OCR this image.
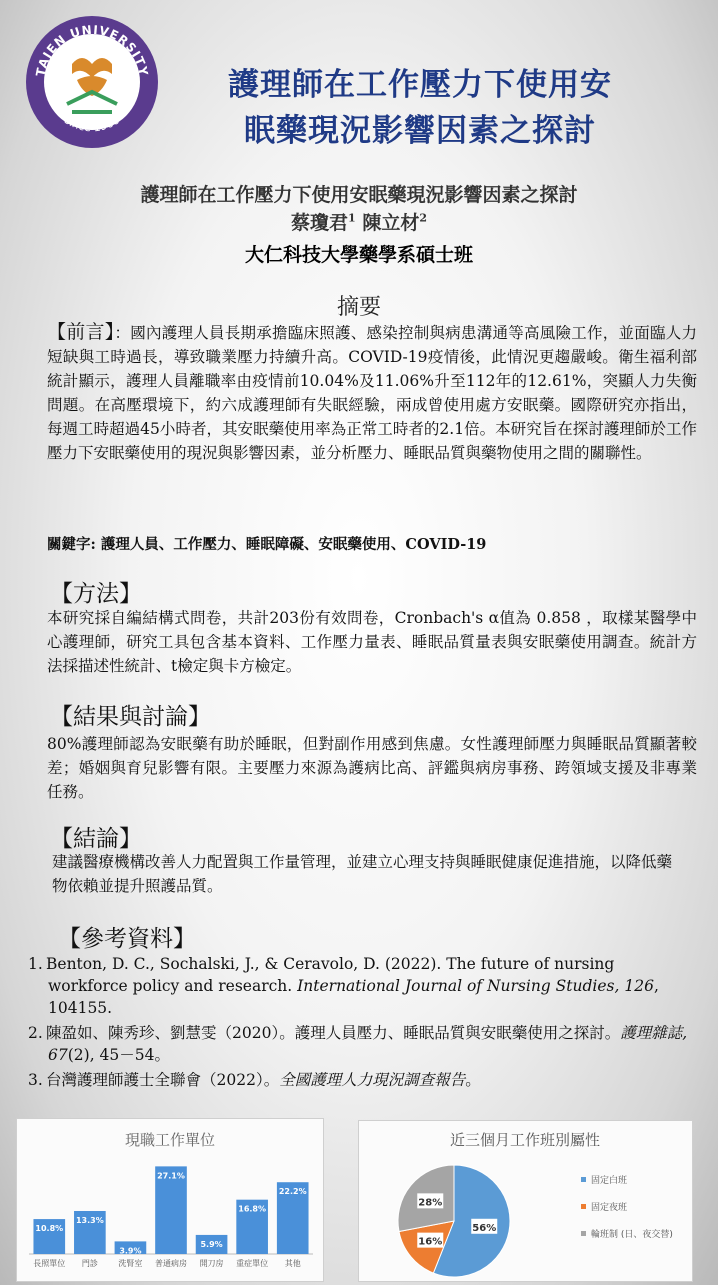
TAJEN UNIVERSITY
since 1966
護理師在工作壓力下使用安
眠藥現況影響因素之探討
護理師在工作壓力下使用安眠藥現況影響因素之探討
蔡瓊君$^1$ 陳立材$^2$
大仁科技大學藥學系碩士班
摘要
【前言】：國內護理人員長期承擔臨床照護、感染控制與病患溝通等高風險工作，並面臨人力短缺與工時過長，導致職業壓力持續升高。COVID-19疫情後，此情況更趨嚴峻。衛生福利部統計顯示，護理人員離職率由疫情前10.04%及11.06%升至112年的12.61%，突顯人力失衡問題。在高壓環境下，約六成護理師有失眠經驗，兩成曾使用處方安眠藥。國際研究亦指出，每週工時超過45小時者，其安眠藥使用率為正常工時者的2.1倍。本研究旨在探討護理師於工作壓力下安眠藥使用的現況與影響因素，並分析壓力、睡眠品質與藥物使用之間的關聯性。
關鍵字: 護理人員、工作壓力、睡眠障礙、安眠藥使用、COVID-19
【方法】
本研究採自編結構式問卷，共計203份有效問卷，Cronbach's α值為 0.858 ，取樣某醫學中心護理師，研究工具包含基本資料、工作壓力量表、睡眠品質量表與安眠藥使用調查。統計方法採描述性統計、t檢定與卡方檢定。
【結果與討論】
80%護理師認為安眠藥有助於睡眠，但對副作用感到焦慮。女性護理師壓力與睡眠品質顯著較差；婚姻與育兒影響有限。主要壓力來源為護病比高、評鑑與病房事務、跨領域支援及非專業任務。
【結論】
建議醫療機構改善人力配置與工作量管理，並建立心理支持與睡眠健康促進措施，以降低藥物依賴並提升照護品質。
【參考資料】
1. Benton, D. C., Sochalski, J., & Ceravolo, D. (2022). The future of nursing workforce policy and research. International Journal of Nursing Studies, 126, 104155.
2. 陳盈如、陳秀珍、劉慧雯（2020）。護理人員壓力、睡眠品質與安眠藥使用之探討。護理雜誌, 67(2), 45－54。
3. 台灣護理師護士全聯會（2022）。全國護理人力現況調查報告。
現職工作單位
10.8%
長照單位
13.3%
門診
3.9%
洗腎室
27.1%
普通病房
5.9%
開刀房
16.8%
重症單位
22.2%
其他
近三個月工作班別屬性
56%
16%
28%
固定白班
固定夜班
輪班制 (日、夜交替)
